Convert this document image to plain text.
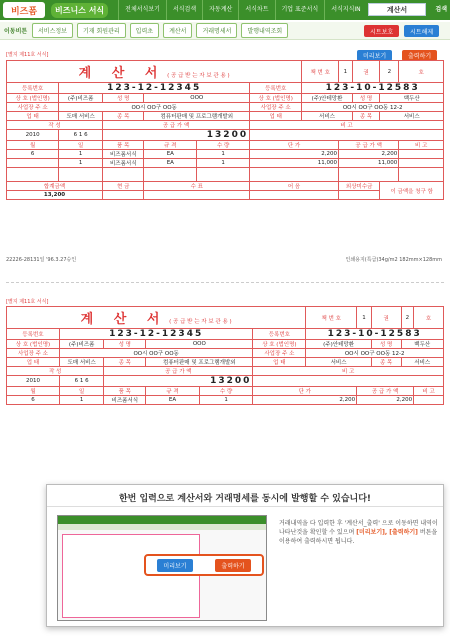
비즈폼	비즈니스 서식	전체서식보기	서식검색	자동계산	서식차트	기업 표준서식	서식지식IN	계산서	검색
이동비튼	서비스정보	기재 회원관리	입력초	계산서	거래명세서	발행내역조회	시트보호	시트해제
[별지 제11호 서식]	미리보기	출력하기
계 산 서 ( 공 급 받 는 자 보 관 용 )						책 번 호	1	권	2	호
등록번호	123-12-12345				등록번호	123-10-12583				
상 호 (법인명)	(주)비즈폼	성 명	OOO		상 호 (법인명)	(주)안테망환		성 명	백두산	
사업장 주 소	OO시 OO구 OO동				사업장 주 소	OO시 OO구 OO동 12-2				
업 태	도매 서비스	종 목	컴퓨터판매 및 프로그램개발외		업 태	서비스		종 목	서비스	
작 성		공 급 가 액			비 고					
2010	6 1 6	13200								
월	일	품 목	규 격	수 량	단 가		공 급 가 액			비 고
6	1	비즈폼서식	EA	1	2,200		2,200			
	1	비즈폼서식	EA	1	11,000		11,000			

합계금액		현 금	수 표		어 음		외상미수금		이 금액을 청구 함	
13,200										
22226-28131일 '96.3.27승인	인쇄용지(특급)34g/m2 182mm×128mm
[별지 제11호 서식]
계 산 서 ( 공 급 받 는 자 보 관 용 )						책 번 호	1	권	2	호
등록번호	123-12-12345				등록번호	123-10-12583				
상 호 (법인명)	(주)비즈폼	성 명	OOO		상 호 (법인명)	(주)안테망환		성 명	백두산	
사업장 주 소	OO시 OO구 OO동				사업장 주 소	OO시 OO구 OO동 12-2				
업 태	도매 서비스	종 목	컴퓨터판매 및 프로그램개발외		업 태	서비스		종 목	서비스	
작 성		공 급 가 액			비 고					
2010	6 1 6	13200								
월	일	품 목	규 격	수 량	단 가		공 급 가 액			비 고
6	1	비즈폼서식	EA	1	2,200		2,200			
한번 입력으로 계산서와 거래명세를 동시에 발행할 수 있습니다!
미리보기	출력하기
거래내역을 다 입력한 후 '계산서_출력' 으로 이동하면 내역이 나타난것을 확인할 수 있으며 [미리보기], [출력하기] 버튼을 이용하여 출력하시면 됩니다.
